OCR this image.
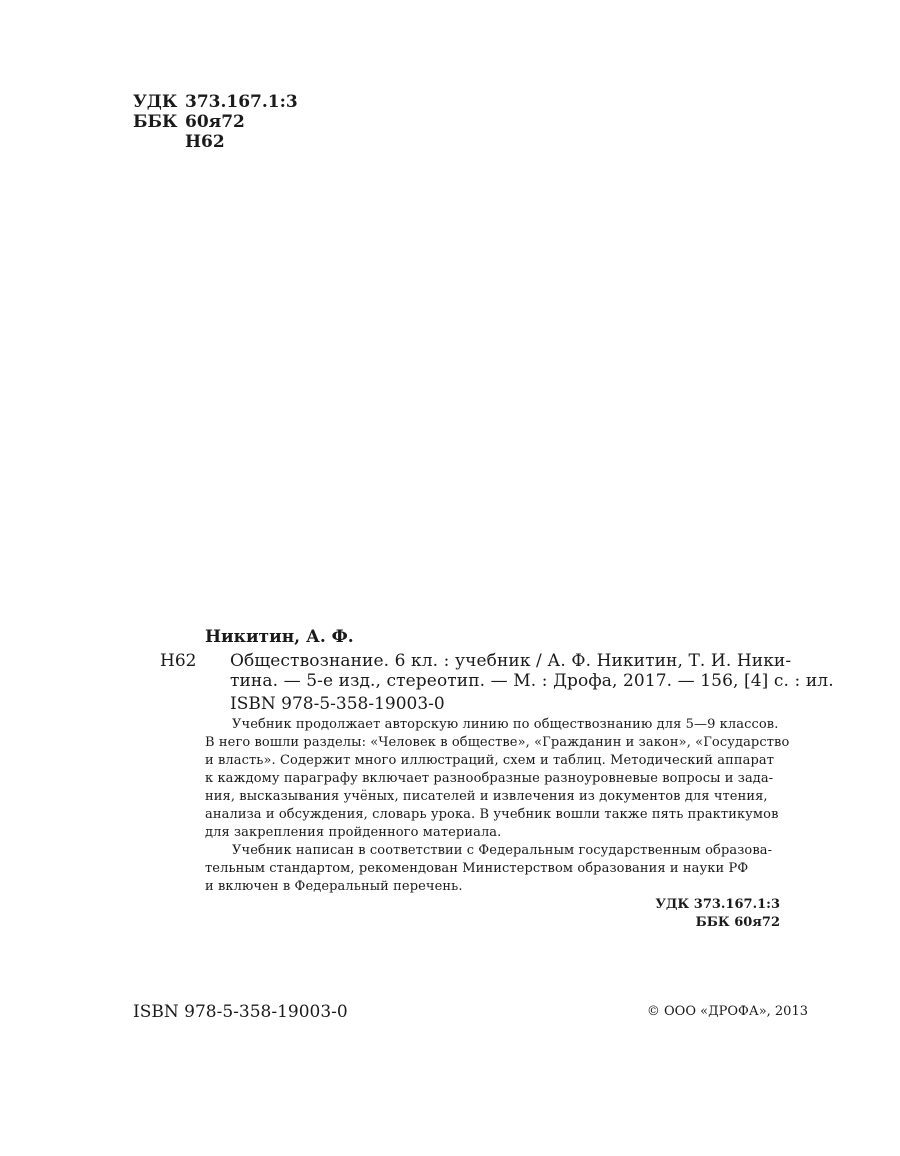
УДК 373.167.1:3
ББК 60я72
Н62
Никитин, А. Ф.
Н62 Обществознание. 6 кл. : учебник / А. Ф. Никитин, Т. И. Ники-
тина. — 5-е изд., стереотип. — М. : Дрофа, 2017. — 156, [4] с. : ил.
ISBN 978-5-358-19003-0
Учебник продолжает авторскую линию по обществознанию для 5—9 классов.
В него вошли разделы: «Человек в обществе», «Гражданин и закон», «Государство
и власть». Содержит много иллюстраций, схем и таблиц. Методический аппарат
к каждому параграфу включает разнообразные разноуровневые вопросы и зада-
ния, высказывания учёных, писателей и извлечения из документов для чтения,
анализа и обсуждения, словарь урока. В учебник вошли также пять практикумов
для закрепления пройденного материала.
Учебник написан в соответствии с Федеральным государственным образова-
тельным стандартом, рекомендован Министерством образования и науки РФ
и включен в Федеральный перечень.
УДК 373.167.1:3
ББК 60я72
ISBN 978-5-358-19003-0	© ООО «ДРОФА», 2013
